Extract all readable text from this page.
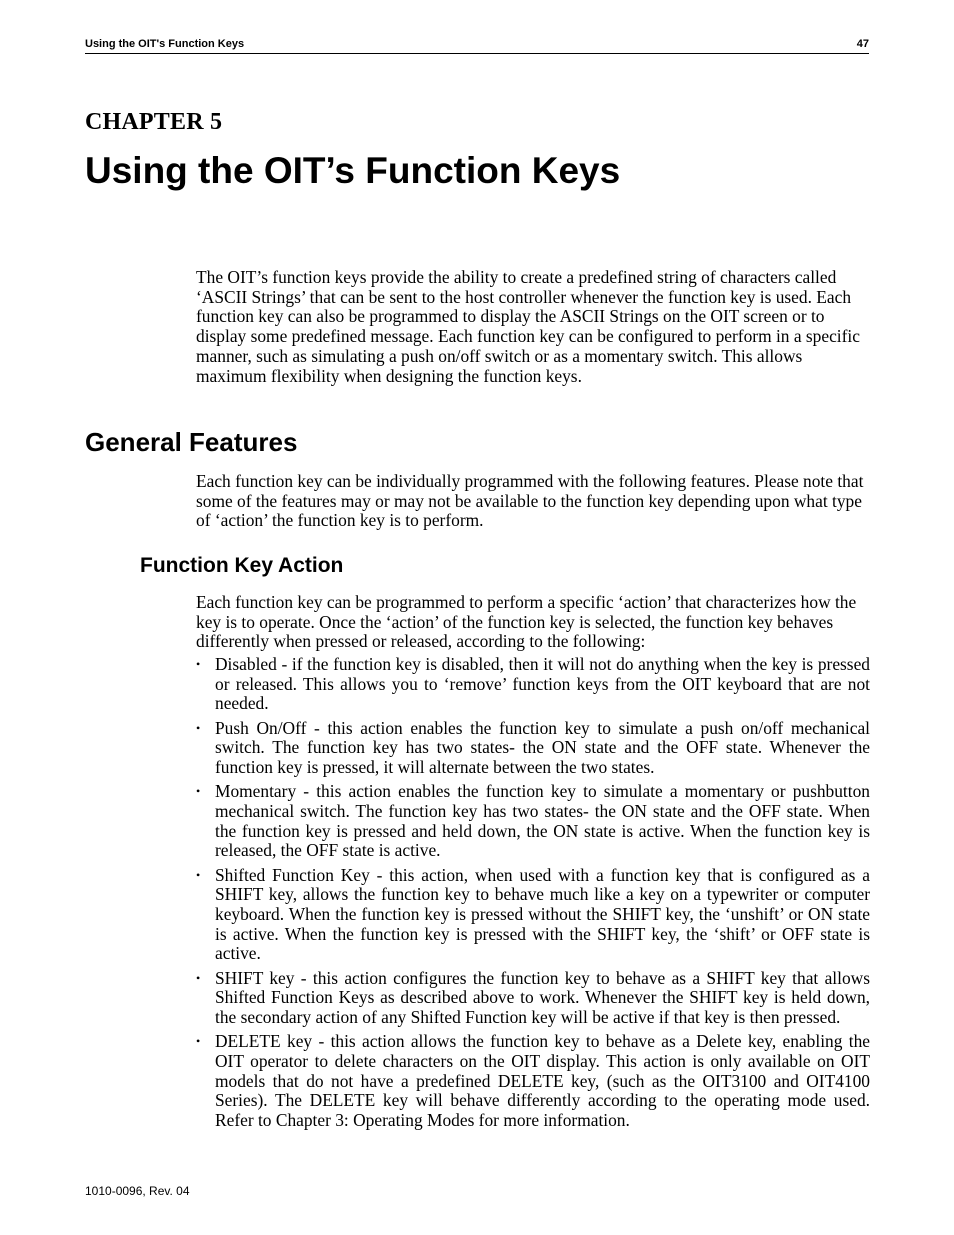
Using the OIT's Function Keys	47
CHAPTER 5
Using the OIT’s Function Keys

The OIT’s function keys provide the ability to create a predefined string of characters called ‘ASCII Strings’ that can be sent to the host controller whenever the function key is used. Each function key can also be programmed to display the ASCII Strings on the OIT screen or to display some predefined message. Each function key can be configured to perform in a specific manner, such as simulating a push on/off switch or as a momentary switch. This allows maximum flexibility when designing the function keys.

General Features

Each function key can be individually programmed with the following features. Please note that some of the features may or may not be available to the function key depending upon what type of ‘action’ the function key is to perform.

Function Key Action

Each function key can be programmed to perform a specific ‘action’ that characterizes how the key is to operate. Once the ‘action’ of the function key is selected, the function key behaves differently when pressed or released, according to the following:

• Disabled - if the function key is disabled, then it will not do anything when the key is pressed or released. This allows you to ‘remove’ function keys from the OIT keyboard that are not needed.
• Push On/Off - this action enables the function key to simulate a push on/off mechanical switch. The function key has two states- the ON state and the OFF state. Whenever the function key is pressed, it will alternate between the two states.
• Momentary - this action enables the function key to simulate a momentary or pushbutton mechanical switch. The function key has two states- the ON state and the OFF state. When the function key is pressed and held down, the ON state is active. When the function key is released, the OFF state is active.
• Shifted Function Key - this action, when used with a function key that is configured as a SHIFT key, allows the function key to behave much like a key on a typewriter or computer keyboard. When the function key is pressed without the SHIFT key, the ‘unshift’ or ON state is active. When the function key is pressed with the SHIFT key, the ‘shift’ or OFF state is active.
• SHIFT key - this action configures the function key to behave as a SHIFT key that allows Shifted Function Keys as described above to work. Whenever the SHIFT key is held down, the secondary action of any Shifted Function key will be active if that key is then pressed.
• DELETE key - this action allows the function key to behave as a Delete key, enabling the OIT operator to delete characters on the OIT display. This action is only available on OIT models that do not have a predefined DELETE key, (such as the OIT3100 and OIT4100 Series). The DELETE key will behave differently according to the operating mode used. Refer to Chapter 3: Operating Modes for more information.
1010-0096, Rev. 04
